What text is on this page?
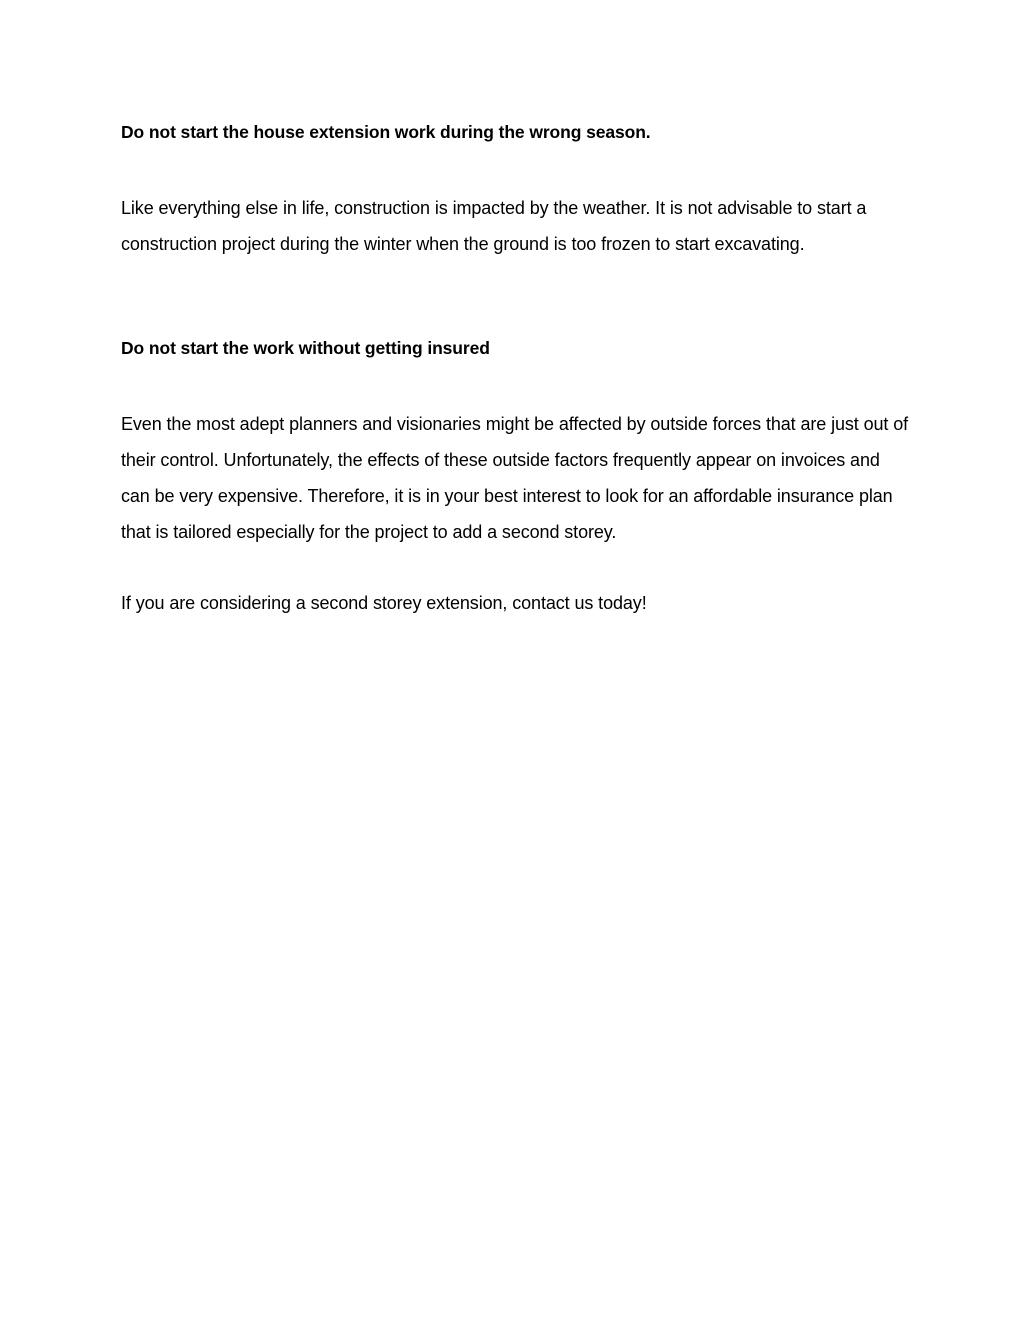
Do not start the house extension work during the wrong season.

Like everything else in life, construction is impacted by the weather. It is not advisable to start a construction project during the winter when the ground is too frozen to start excavating.

Do not start the work without getting insured

Even the most adept planners and visionaries might be affected by outside forces that are just out of their control. Unfortunately, the effects of these outside factors frequently appear on invoices and can be very expensive. Therefore, it is in your best interest to look for an affordable insurance plan that is tailored especially for the project to add a second storey.

If you are considering a second storey extension, contact us today!
